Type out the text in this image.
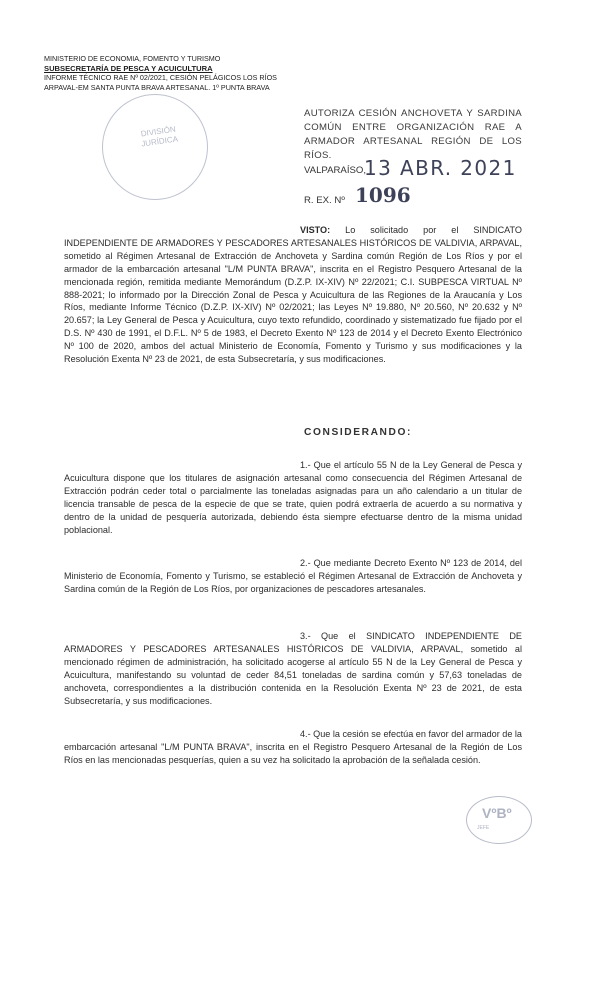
MINISTERIO DE ECONOMIA, FOMENTO Y TURISMO
SUBSECRETARÍA DE PESCA Y ACUICULTURA
INFORME TÉCNICO RAE Nº 02/2021, CESIÓN PELÁGICOS LOS RÍOS
ARPAVAL-EM SANTA PUNTA BRAVA ARTESANAL. 1º PUNTA BRAVA
DIVISIÓN
JURÍDICA
AUTORIZA CESIÓN ANCHOVETA Y SARDINA COMÚN ENTRE ORGANIZACIÓN RAE A ARMADOR ARTESANAL REGIÓN DE LOS RÍOS.
VALPARAÍSO,
13 ABR. 2021
R. EX. Nº 1096
VISTO: Lo solicitado por el SINDICATO INDEPENDIENTE DE ARMADORES Y PESCADORES ARTESANALES HISTÓRICOS DE VALDIVIA, ARPAVAL, sometido al Régimen Artesanal de Extracción de Anchoveta y Sardina común Región de Los Ríos y por el armador de la embarcación artesanal "L/M PUNTA BRAVA", inscrita en el Registro Pesquero Artesanal de la mencionada región, remitida mediante Memorándum (D.Z.P. IX-XIV) Nº 22/2021; C.I. SUBPESCA VIRTUAL Nº 888-2021; lo informado por la Dirección Zonal de Pesca y Acuicultura de las Regiones de la Araucanía y Los Ríos, mediante Informe Técnico (D.Z.P. IX-XIV) Nº 02/2021; las Leyes Nº 19.880, Nº 20.560, Nº 20.632 y Nº 20.657; la Ley General de Pesca y Acuicultura, cuyo texto refundido, coordinado y sistematizado fue fijado por el D.S. Nº 430 de 1991, el D.F.L. Nº 5 de 1983, el Decreto Exento Nº 123 de 2014 y el Decreto Exento Electrónico Nº 100 de 2020, ambos del actual Ministerio de Economía, Fomento y Turismo y sus modificaciones y la Resolución Exenta Nº 23 de 2021, de esta Subsecretaría, y sus modificaciones.
CONSIDERANDO:
1.- Que el artículo 55 N de la Ley General de Pesca y Acuicultura dispone que los titulares de asignación artesanal como consecuencia del Régimen Artesanal de Extracción podrán ceder total o parcialmente las toneladas asignadas para un año calendario a un titular de licencia transable de pesca de la especie de que se trate, quien podrá extraerla de acuerdo a su normativa y dentro de la unidad de pesquería autorizada, debiendo ésta siempre efectuarse dentro de la misma unidad poblacional.
2.- Que mediante Decreto Exento Nº 123 de 2014, del Ministerio de Economía, Fomento y Turismo, se estableció el Régimen Artesanal de Extracción de Anchoveta y Sardina común de la Región de Los Ríos, por organizaciones de pescadores artesanales.
3.- Que el SINDICATO INDEPENDIENTE DE ARMADORES Y PESCADORES ARTESANALES HISTÓRICOS DE VALDIVIA, ARPAVAL, sometido al mencionado régimen de administración, ha solicitado acogerse al artículo 55 N de la Ley General de Pesca y Acuicultura, manifestando su voluntad de ceder 84,51 toneladas de sardina común y 57,63 toneladas de anchoveta, correspondientes a la distribución contenida en la Resolución Exenta Nº 23 de 2021, de esta Subsecretaría, y sus modificaciones.
4.- Que la cesión se efectúa en favor del armador de la embarcación artesanal "L/M PUNTA BRAVA", inscrita en el Registro Pesquero Artesanal de la Región de Los Ríos en las mencionadas pesquerías, quien a su vez ha solicitado la aprobación de la señalada cesión.
VºBº
JEFE
